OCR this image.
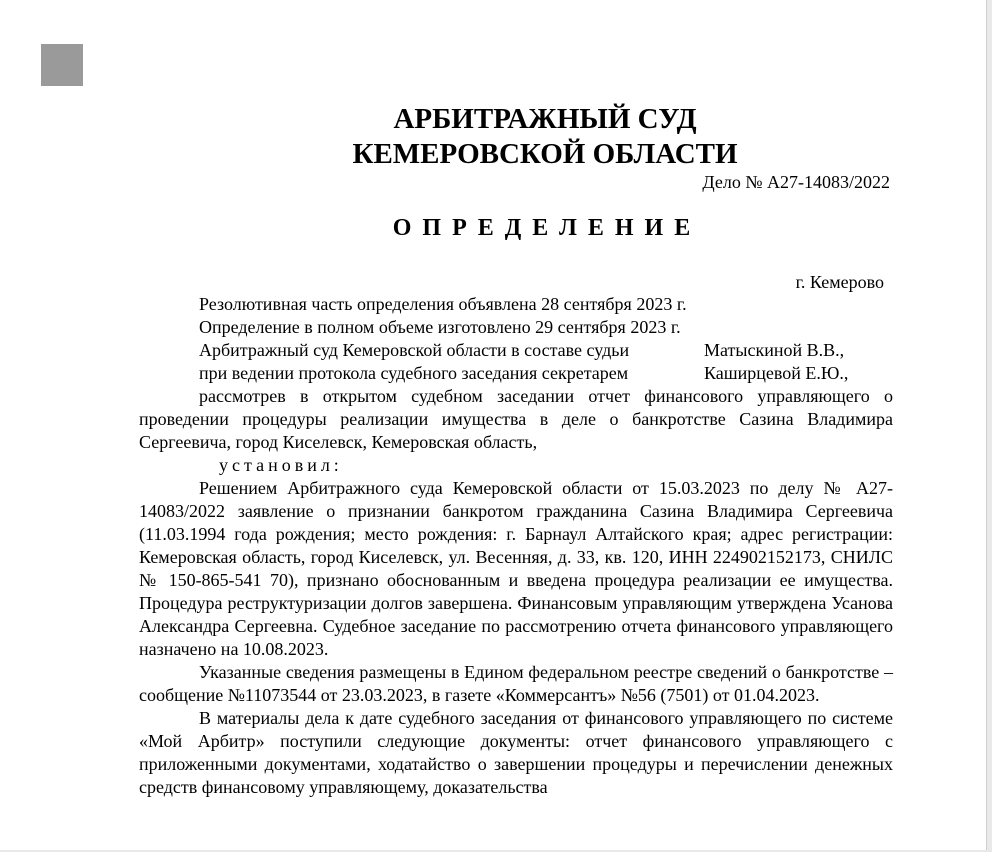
АРБИТРАЖНЫЙ СУД
КЕМЕРОВСКОЙ ОБЛАСТИ

Дело № А27-14083/2022

ОПРЕДЕЛЕНИЕ

г. Кемерово

Резолютивная часть определения объявлена 28 сентября 2023 г.

Определение в полном объеме изготовлено 29 сентября 2023 г.

Арбитражный суд Кемеровской области в составе судьи	Матыскиной В.В.,
при ведении протокола судебного заседания секретарем	Каширцевой Е.Ю.,

рассмотрев в открытом судебном заседании отчет финансового управляющего о проведении процедуры реализации имущества в деле о банкротстве Сазина Владимира Сергеевича, город Киселевск, Кемеровская область,

установил:

Решением Арбитражного суда Кемеровской области от 15.03.2023 по делу № А27-14083/2022 заявление о признании банкротом гражданина Сазина Владимира Сергеевича (11.03.1994 года рождения; место рождения: г. Барнаул Алтайского края; адрес регистрации: Кемеровская область, город Киселевск, ул. Весенняя, д. 33, кв. 120, ИНН 224902152173, СНИЛС № 150-865-541 70), признано обоснованным и введена процедура реализации ее имущества. Процедура реструктуризации долгов завершена. Финансовым управляющим утверждена Усанова Александра Сергеевна. Судебное заседание по рассмотрению отчета финансового управляющего назначено на 10.08.2023.

Указанные сведения размещены в Едином федеральном реестре сведений о банкротстве – сообщение №11073544 от 23.03.2023, в газете «Коммерсантъ» №56 (7501) от 01.04.2023.

В материалы дела к дате судебного заседания от финансового управляющего по системе «Мой Арбитр» поступили следующие документы: отчет финансового управляющего с приложенными документами, ходатайство о завершении процедуры и перечислении денежных средств финансовому управляющему, доказательства
